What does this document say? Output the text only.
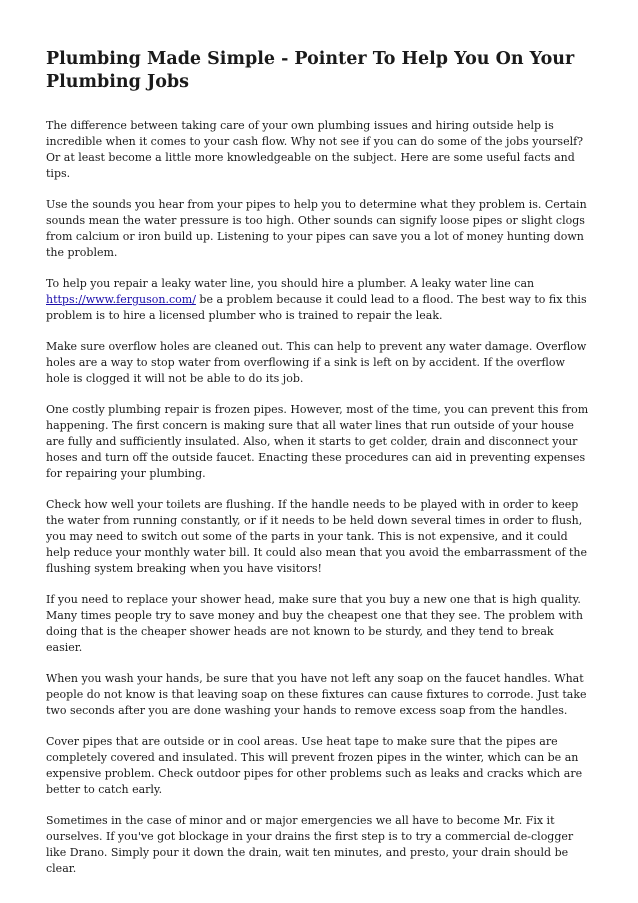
Plumbing Made Simple - Pointer To Help You On Your Plumbing Jobs

The difference between taking care of your own plumbing issues and hiring outside help is incredible when it comes to your cash flow. Why not see if you can do some of the jobs yourself? Or at least become a little more knowledgeable on the subject. Here are some useful facts and tips.

Use the sounds you hear from your pipes to help you to determine what they problem is. Certain sounds mean the water pressure is too high. Other sounds can signify loose pipes or slight clogs from calcium or iron build up. Listening to your pipes can save you a lot of money hunting down the problem.

To help you repair a leaky water line, you should hire a plumber. A leaky water line can https://www.ferguson.com/ be a problem because it could lead to a flood. The best way to fix this problem is to hire a licensed plumber who is trained to repair the leak.

Make sure overflow holes are cleaned out. This can help to prevent any water damage. Overflow holes are a way to stop water from overflowing if a sink is left on by accident. If the overflow hole is clogged it will not be able to do its job.

One costly plumbing repair is frozen pipes. However, most of the time, you can prevent this from happening. The first concern is making sure that all water lines that run outside of your house are fully and sufficiently insulated. Also, when it starts to get colder, drain and disconnect your hoses and turn off the outside faucet. Enacting these procedures can aid in preventing expenses for repairing your plumbing.

Check how well your toilets are flushing. If the handle needs to be played with in order to keep the water from running constantly, or if it needs to be held down several times in order to flush, you may need to switch out some of the parts in your tank. This is not expensive, and it could help reduce your monthly water bill. It could also mean that you avoid the embarrassment of the flushing system breaking when you have visitors!

If you need to replace your shower head, make sure that you buy a new one that is high quality. Many times people try to save money and buy the cheapest one that they see. The problem with doing that is the cheaper shower heads are not known to be sturdy, and they tend to break easier.

When you wash your hands, be sure that you have not left any soap on the faucet handles. What people do not know is that leaving soap on these fixtures can cause fixtures to corrode. Just take two seconds after you are done washing your hands to remove excess soap from the handles.

Cover pipes that are outside or in cool areas. Use heat tape to make sure that the pipes are completely covered and insulated. This will prevent frozen pipes in the winter, which can be an expensive problem. Check outdoor pipes for other problems such as leaks and cracks which are better to catch early.

Sometimes in the case of minor and or major emergencies we all have to become Mr. Fix it ourselves. If you've got blockage in your drains the first step is to try a commercial de-clogger like Drano. Simply pour it down the drain, wait ten minutes, and presto, your drain should be clear.
